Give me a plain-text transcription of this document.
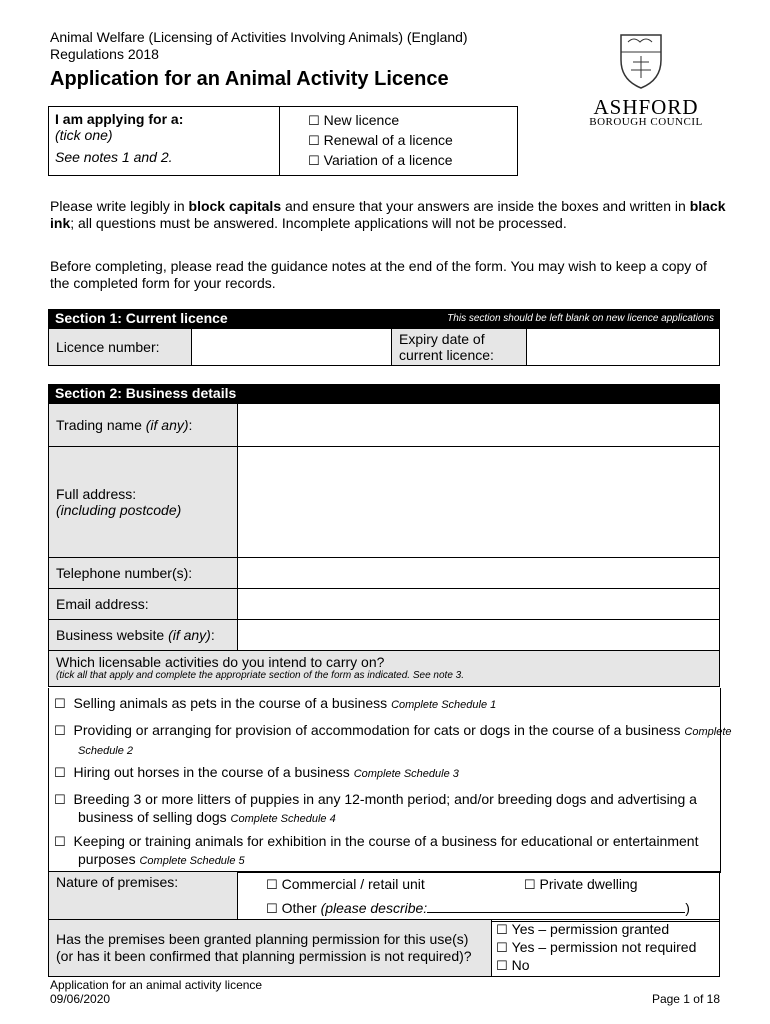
Animal Welfare (Licensing of Activities Involving Animals) (England)
Regulations 2018
Application for an Animal Activity Licence
ASHFORD
BOROUGH COUNCIL
I am applying for a:
(tick one)
See notes 1 and 2.

☐ New licence
☐ Renewal of a licence
☐ Variation of a licence
Please write legibly in block capitals and ensure that your answers are inside the boxes and written in black ink; all questions must be answered. Incomplete applications will not be processed.
Before completing, please read the guidance notes at the end of the form. You may wish to keep a copy of the completed form for your records.
Section 1: Current licence	This section should be left blank on new licence applications
Licence number:		Expiry date of
current licence:

Section 2: Business details
Trading name (if any):	

Full address:
(including postcode)	

Telephone number(s):	
Email address:	
Business website (if any):	

Which licensable activities do you intend to carry on?
(tick all that apply and complete the appropriate section of the form as indicated. See note 3.	
☐ Selling animals as pets in the course of a business Complete Schedule 1
☐ Providing or arranging for provision of accommodation for cats or dogs in the course of a business Complete Schedule 2
☐ Hiring out horses in the course of a business Complete Schedule 3
☐ Breeding 3 or more litters of puppies in any 12-month period; and/or breeding dogs and advertising a business of selling dogs Complete Schedule 4
☐ Keeping or training animals for exhibition in the course of a business for educational or entertainment purposes Complete Schedule 5
Nature of premises:	☐ Commercial / retail unit	☐ Private dwelling
☐ Other (please describe:	)
Has the premises been granted planning permission for this use(s) (or has it been confirmed that planning permission is not required)?	
☐ Yes – permission granted
☐ Yes – permission not required
☐ No
Application for an animal activity licence
09/06/2020	Page 1 of 18
